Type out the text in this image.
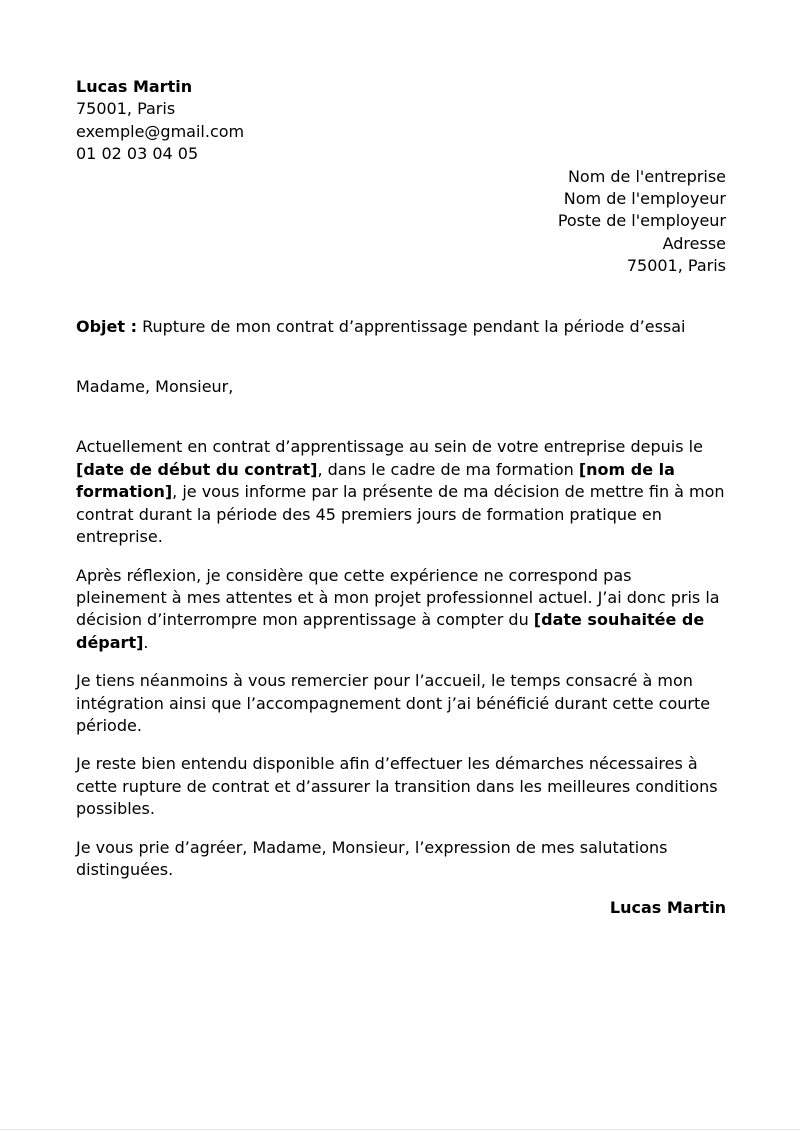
Lucas Martin
75001, Paris
exemple@gmail.com
01 02 03 04 05
Nom de l'entreprise
Nom de l'employeur
Poste de l'employeur
Adresse
75001, Paris
Objet : Rupture de mon contrat d’apprentissage pendant la période d’essai
Madame, Monsieur,
Actuellement en contrat d’apprentissage au sein de votre entreprise depuis le [date de début du contrat], dans le cadre de ma formation [nom de la formation], je vous informe par la présente de ma décision de mettre fin à mon contrat durant la période des 45 premiers jours de formation pratique en entreprise.
Après réflexion, je considère que cette expérience ne correspond pas pleinement à mes attentes et à mon projet professionnel actuel. J’ai donc pris la décision d’interrompre mon apprentissage à compter du [date souhaitée de départ].
Je tiens néanmoins à vous remercier pour l’accueil, le temps consacré à mon intégration ainsi que l’accompagnement dont j’ai bénéficié durant cette courte période.
Je reste bien entendu disponible afin d’effectuer les démarches nécessaires à cette rupture de contrat et d’assurer la transition dans les meilleures conditions possibles.
Je vous prie d’agréer, Madame, Monsieur, l’expression de mes salutations distinguées.
Lucas Martin
